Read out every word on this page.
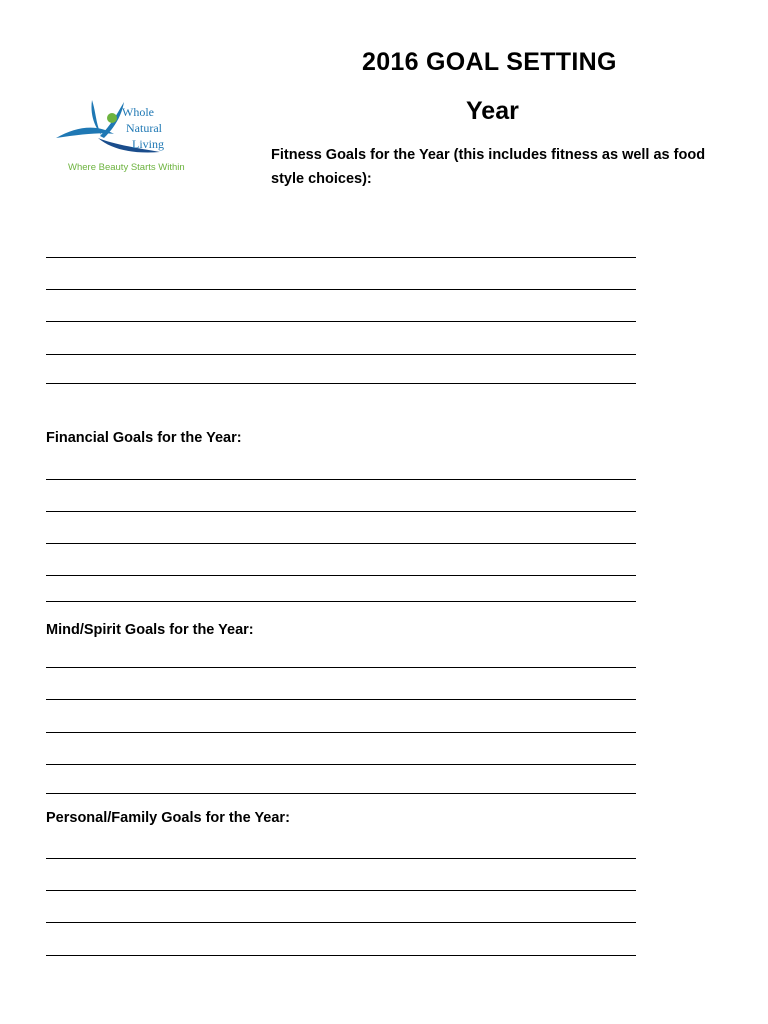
2016 GOAL SETTING
Year
Whole
Natural
Living
Where Beauty Starts Within

Fitness Goals for the Year (this includes fitness as well as food style choices):

Financial Goals for the Year:

Mind/Spirit Goals for the Year:

Personal/Family Goals for the Year:
